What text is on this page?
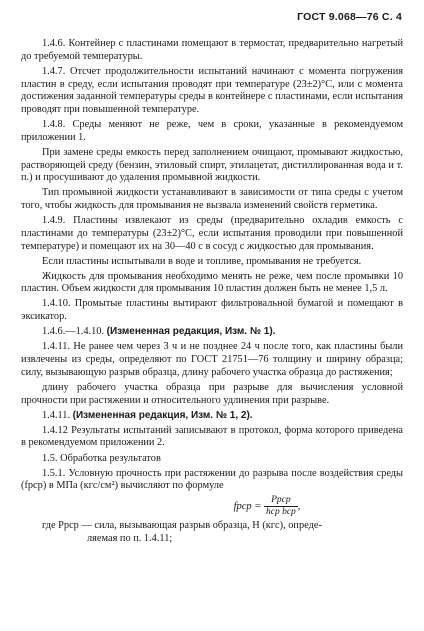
ГОСТ 9.068—76 С. 4

1.4.6. Контейнер с пластинами помещают в термостат, предварительно нагретый до требуемой температуры.

1.4.7. Отсчет продолжительности испытаний начинают с момента погружения пластин в среду, если испытания проводят при температуре (23±2)°С, или с момента достижения заданной температуры среды в контейнере с пластинами, если испытания проводят при повышенной температуре.

1.4.8. Среды меняют не реже, чем в сроки, указанные в рекомендуемом приложении 1.

При замене среды емкость перед заполнением очищают, промывают жидкостью, растворяющей среду (бензин, этиловый спирт, этилацетат, дистиллированная вода и т. п.) и просушивают до удаления промывной жидкости.

Тип промывной жидкости устанавливают в зависимости от типа среды с учетом того, чтобы жидкость для промывания не вызвала изменений свойств герметика.

1.4.9. Пластины извлекают из среды (предварительно охладив емкость с пластинами до температуры (23±2)°С, если испытания проводили при повышенной температуре) и помещают их на 30—40 с в сосуд с жидкостью для промывания.

Если пластины испытывали в воде и топливе, промывания не требуется.

Жидкость для промывания необходимо менять не реже, чем после промывки 10 пластин. Объем жидкости для промывания 10 пластин должен быть не менее 1,5 л.

1.4.10. Промытые пластины вытирают фильтровальной бумагой и помещают в эксикатор.

1.4.6.—1.4.10. (Измененная редакция, Изм. № 1).

1.4.11. Не ранее чем через 3 ч и не позднее 24 ч после того, как пластины были извлечены из среды, определяют по ГОСТ 21751—76 толщину и ширину образца; силу, вызывающую разрыв образца, длину рабочего участка образца до растяжения;

длину рабочего участка образца при разрыве для вычисления условной прочности при растяжении и относительного удлинения при разрыве.

1.4.11. (Измененная редакция, Изм. № 1, 2).

1.4.12 Результаты испытаний записывают в протокол, форма которого приведена в рекомендуемом приложении 2.

1.5. Обработка результатов

1.5.1. Условную прочность при растяжении до разрыва после воздействия среды (fрср) в МПа (кгс/см²) вычисляют по формуле

fрср = $\frac{\text{Pрср}}{\text{hср bср}}$ ,

где Pрср — сила, вызывающая разрыв образца, Н (кгс), опреде-
ляемая по п. 1.4.11;
